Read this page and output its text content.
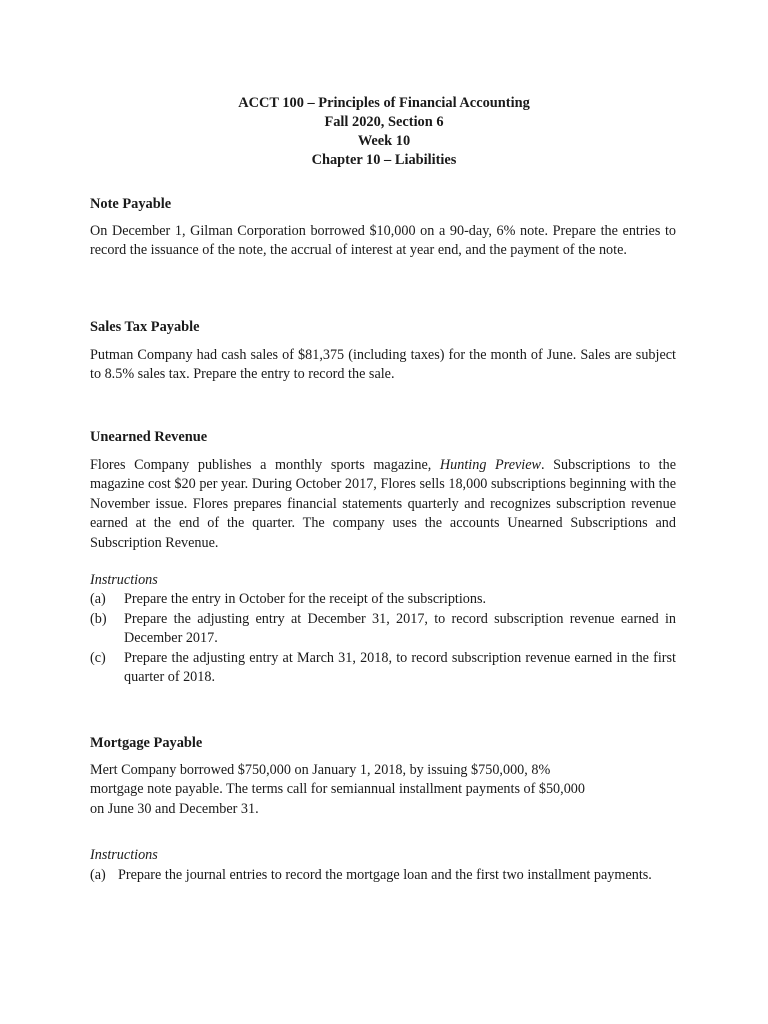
ACCT 100 – Principles of Financial Accounting
Fall 2020, Section 6
Week 10
Chapter 10 – Liabilities
Note Payable
On December 1, Gilman Corporation borrowed $10,000 on a 90-day, 6% note. Prepare the entries to record the issuance of the note, the accrual of interest at year end, and the payment of the note.
Sales Tax Payable
Putman Company had cash sales of $81,375 (including taxes) for the month of June. Sales are subject to 8.5% sales tax. Prepare the entry to record the sale.
Unearned Revenue
Flores Company publishes a monthly sports magazine, Hunting Preview. Subscriptions to the magazine cost $20 per year. During October 2017, Flores sells 18,000 subscriptions beginning with the November issue. Flores prepares financial statements quarterly and recognizes subscription revenue earned at the end of the quarter. The company uses the accounts Unearned Subscriptions and Subscription Revenue.
Instructions
(a) Prepare the entry in October for the receipt of the subscriptions.
(b) Prepare the adjusting entry at December 31, 2017, to record subscription revenue earned in December 2017.
(c) Prepare the adjusting entry at March 31, 2018, to record subscription revenue earned in the first quarter of 2018.
Mortgage Payable
Mert Company borrowed $750,000 on January 1, 2018, by issuing $750,000, 8%
mortgage note payable. The terms call for semiannual installment payments of $50,000
on June 30 and December 31.
Instructions
(a) Prepare the journal entries to record the mortgage loan and the first two installment payments.
